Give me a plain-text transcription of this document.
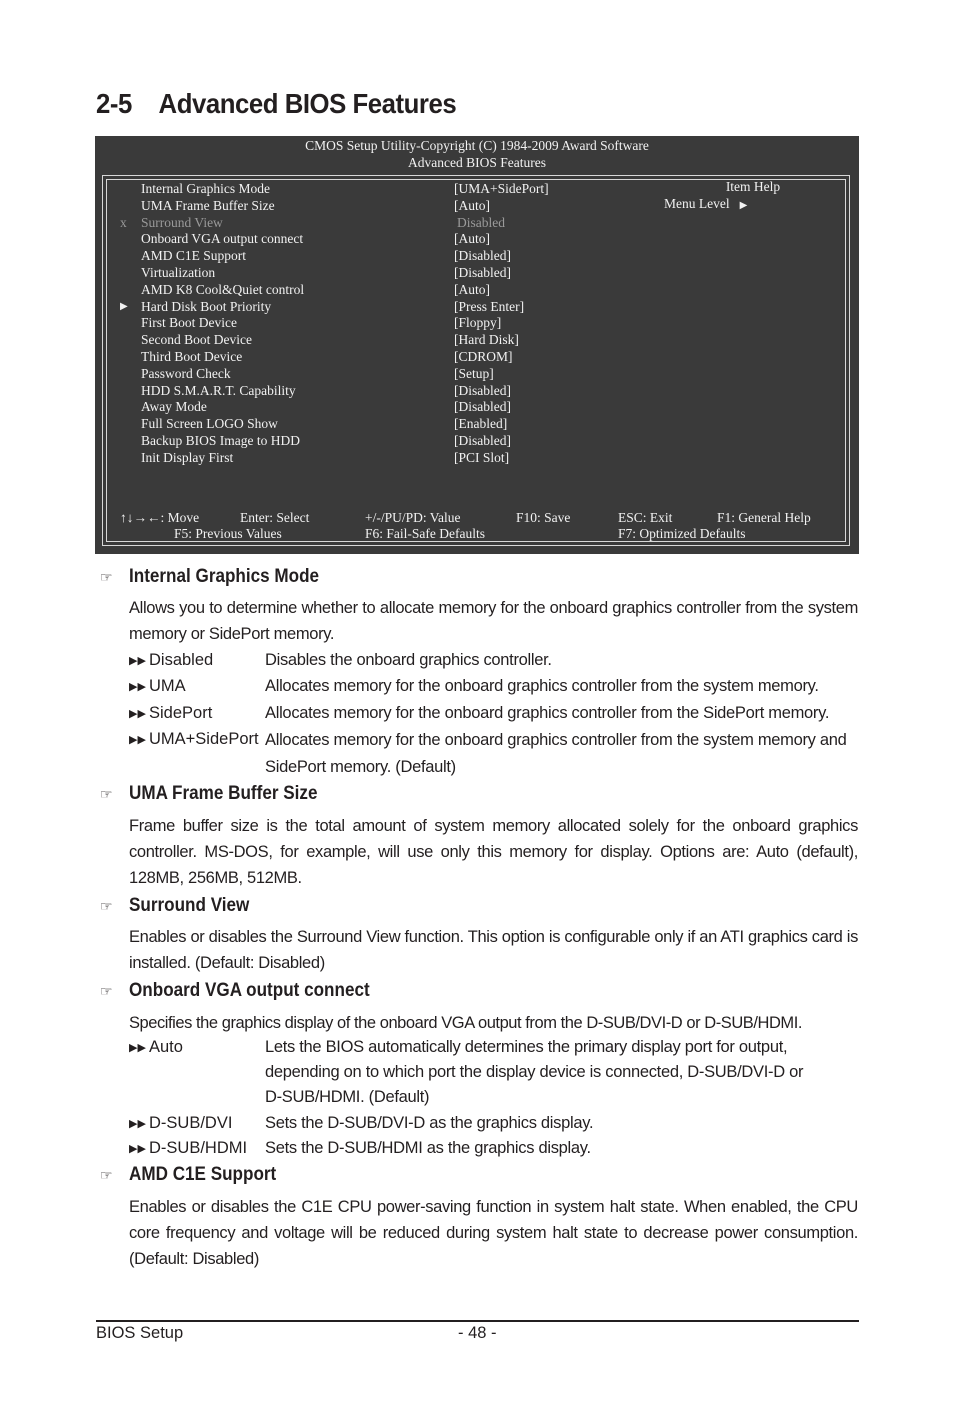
2-5 Advanced BIOS Features
CMOS Setup Utility-Copyright (C) 1984-2009 Award Software
Advanced BIOS Features
Internal Graphics Mode	[UMA+SidePort]
UMA Frame Buffer Size	[Auto]
x	Surround View	Disabled
Onboard VGA output connect	[Auto]
AMD C1E Support	[Disabled]
Virtualization	[Disabled]
AMD K8 Cool&Quiet control	[Auto]
▶ Hard Disk Boot Priority	[Press Enter]
First Boot Device	[Floppy]
Second Boot Device	[Hard Disk]
Third Boot Device	[CDROM]
Password Check	[Setup]
HDD S.M.A.R.T. Capability	[Disabled]
Away Mode	[Disabled]
Full Screen LOGO Show	[Enabled]
Backup BIOS Image to HDD	[Disabled]
Init Display First	[PCI Slot]
Item Help
Menu Level ▶
↑↓→←: Move	Enter: Select	+/-/PU/PD: Value	F10: Save	ESC: Exit	F1: General Help
F5: Previous Values	F6: Fail-Safe Defaults	F7: Optimized Defaults
☞ Internal Graphics Mode

Allows you to determine whether to allocate memory for the onboard graphics controller from the system memory or SidePort memory.

▶▶ Disabled	Disables the onboard graphics controller.
▶▶ UMA	Allocates memory for the onboard graphics controller from the system memory.
▶▶ SidePort	Allocates memory for the onboard graphics controller from the SidePort memory.
▶▶ UMA+SidePort Allocates memory for the onboard graphics controller from the system memory and SidePort memory. (Default)
☞ UMA Frame Buffer Size

Frame buffer size is the total amount of system memory allocated solely for the onboard graphics controller. MS-DOS, for example, will use only this memory for display. Options are: Auto (default), 128MB, 256MB, 512MB.

☞ Surround View

Enables or disables the Surround View function. This option is configurable only if an ATI graphics card is installed. (Default: Disabled)

☞ Onboard VGA output connect

Specifies the graphics display of the onboard VGA output from the D-SUB/DVI-D or D-SUB/HDMI.

▶▶ Auto	Lets the BIOS automatically determines the primary display port for output, depending on to which port the display device is connected, D-SUB/DVI-D or D-SUB/HDMI. (Default)
▶▶ D-SUB/DVI Sets the D-SUB/DVI-D as the graphics display.
▶▶ D-SUB/HDMI Sets the D-SUB/HDMI as the graphics display.
☞ AMD C1E Support

Enables or disables the C1E CPU power-saving function in system halt state. When enabled, the CPU core frequency and voltage will be reduced during system halt state to decrease power consumption. (Default: Disabled)

BIOS Setup	- 48 -
